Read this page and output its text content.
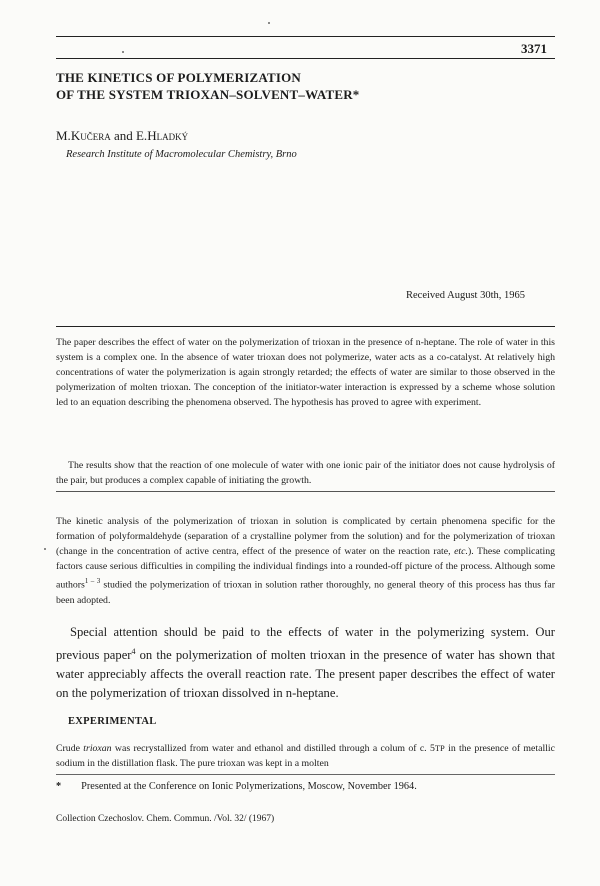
3371
THE KINETICS OF POLYMERIZATION
OF THE SYSTEM TRIOXAN–SOLVENT–WATER*
M.Kučera and E.Hladký
Research Institute of Macromolecular Chemistry, Brno
Received August 30th, 1965

The paper describes the effect of water on the polymerization of trioxan in the presence of n-heptane. The role of water in this system is a complex one. In the absence of water trioxan does not polymerize, water acts as a co-catalyst. At relatively high concentrations of water the polymerization is again strongly retarded; the effects of water are similar to those observed in the polymerization of molten trioxan. The conception of the initiator-water interaction is expressed by a scheme whose solution led to an equation describing the phenomena observed. The hypothesis has proved to agree with experiment.

The results show that the reaction of one molecule of water with one ionic pair of the initiator does not cause hydrolysis of the pair, but produces a complex capable of initiating the growth.

The kinetic analysis of the polymerization of trioxan in solution is complicated by certain phenomena specific for the formation of polyformaldehyde (separation of a crystalline polymer from the solution) and for the polymerization of trioxan (change in the concentration of active centra, effect of the presence of water on the reaction rate, etc.). These complicating factors cause serious difficulties in compiling the individual findings into a rounded-off picture of the process. Although some authors$^{1 - 3}$ studied the polymerization of trioxan in solution rather thoroughly, no general theory of this process has thus far been adopted.

Special attention should be paid to the effects of water in the polymerizing system. Our previous paper$^4$ on the polymerization of molten trioxan in the presence of water has shown that water appreciably affects the overall reaction rate. The present paper describes the effect of water on the polymerization of trioxan dissolved in n-heptane.

EXPERIMENTAL

Crude trioxan was recrystallized from water and ethanol and distilled through a colum of c. 5TP in the presence of metallic sodium in the distillation flask. The pure trioxan was kept in a molten

* Presented at the Conference on Ionic Polymerizations, Moscow, November 1964.
Collection Czechoslov. Chem. Commun. /Vol. 32/ (1967)
